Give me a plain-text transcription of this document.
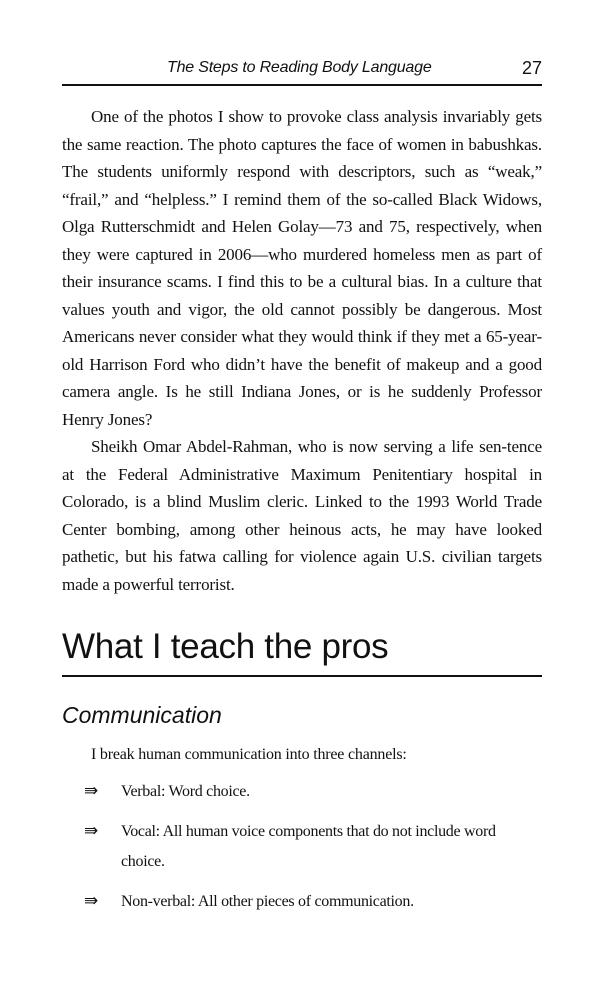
The Steps to Reading Body Language	27

One of the photos I show to provoke class analysis invariably gets the same reaction. The photo captures the face of women in babushkas. The students uniformly respond with descriptors, such as “weak,” “frail,” and “helpless.” I remind them of the so-called Black Widows, Olga Rutterschmidt and Helen Golay—73 and 75, respectively, when they were captured in 2006—who murdered homeless men as part of their insurance scams. I find this to be a cultural bias. In a culture that values youth and vigor, the old cannot possibly be dangerous. Most Americans never consider what they would think if they met a 65-year-old Harrison Ford who didn’t have the benefit of makeup and a good camera angle. Is he still Indiana Jones, or is he suddenly Professor Henry Jones?

Sheikh Omar Abdel-Rahman, who is now serving a life sen-tence at the Federal Administrative Maximum Penitentiary hospital in Colorado, is a blind Muslim cleric. Linked to the 1993 World Trade Center bombing, among other heinous acts, he may have looked pathetic, but his fatwa calling for violence again U.S. civilian targets made a powerful terrorist.

What I teach the pros
Communication

I break human communication into three channels:

⇛ Verbal: Word choice.
⇛ Vocal: All human voice components that do not include word choice.
⇛ Non-verbal: All other pieces of communication.
